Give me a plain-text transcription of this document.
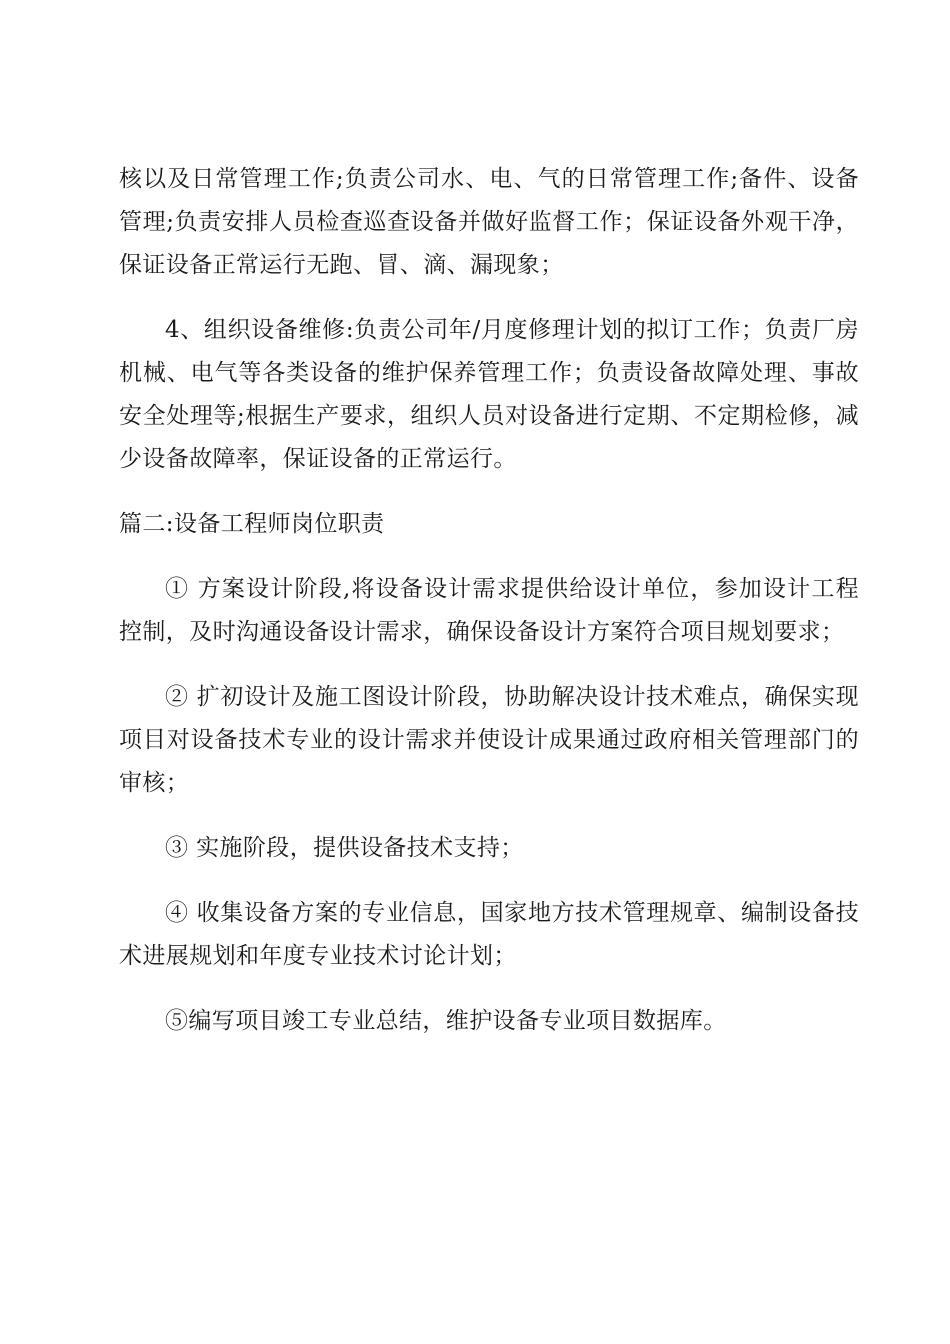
核以及日常管理工作;负责公司水、电、气的日常管理工作;备件、设备管理;负责安排人员检查巡查设备并做好监督工作；保证设备外观干净，保证设备正常运行无跑、冒、滴、漏现象；

4、组织设备维修:负责公司年/月度修理计划的拟订工作；负责厂房机械、电气等各类设备的维护保养管理工作；负责设备故障处理、事故安全处理等;根据生产要求，组织人员对设备进行定期、不定期检修，减少设备故障率，保证设备的正常运行。

篇二:设备工程师岗位职责

① 方案设计阶段,将设备设计需求提供给设计单位，参加设计工程控制，及时沟通设备设计需求，确保设备设计方案符合项目规划要求；

② 扩初设计及施工图设计阶段，协助解决设计技术难点，确保实现项目对设备技术专业的设计需求并使设计成果通过政府相关管理部门的审核；

③ 实施阶段，提供设备技术支持；

④ 收集设备方案的专业信息，国家地方技术管理规章、编制设备技术进展规划和年度专业技术讨论计划；

⑤编写项目竣工专业总结，维护设备专业项目数据库。
